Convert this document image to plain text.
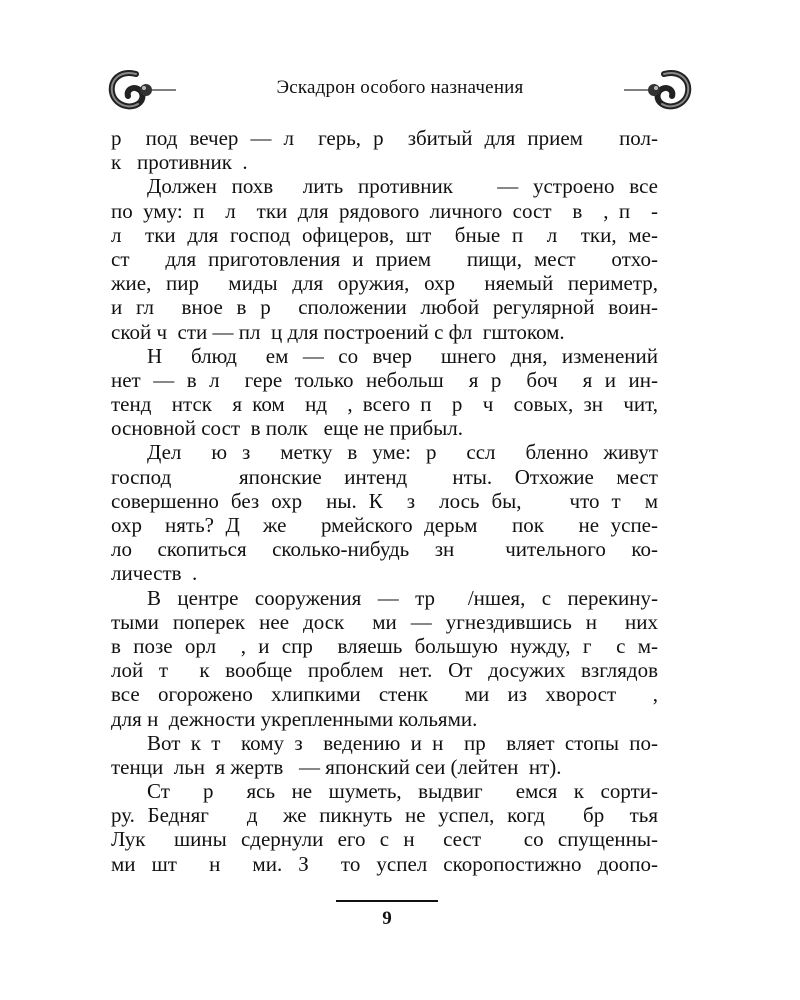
Эскадрон особого назначения
р  под вечер — л  герь, р  збитый для прием   пол-
к   противник  .
Должен похв  лить противник   — устроено все
по уму: п  л  тки для рядового личного сост  в  , п  -
л  тки для господ офицеров, шт  бные п  л  тки, ме-
ст   для приготовления и прием   пищи, мест   отхо-
жие, пир  миды для оружия, охр  няемый периметр,
и гл  вное в р  сположении любой регулярной воин-
ской ч  сти — пл  ц для построений с фл  гштоком.
Н  блюд  ем — со вчер  шнего дня, изменений
нет — в л  гере только небольш  я р  боч  я и ин-
тенд  нтск  я ком  нд  , всего п  р  ч  совых, зн  чит,
основной сост  в полк   еще не прибыл.
Дел  ю з  метку в уме: р  ссл  бленно живут
господ   японские интенд  нты. Отхожие мест
совершенно без охр  ны. К  з  лось бы,    что т  м
охр  нять? Д  же   рмейского дерьм   пок   не успе-
ло скопиться сколько-нибудь зн  чительного ко-
личеств  .
В центре сооружения — тр  /ншея, с перекину-
тыми поперек нее доск  ми — угнездившись н  них
в позе орл  , и спр  вляешь большую нужду, г  с м-
лой т  к вообще проблем нет. От досужих взглядов
все огорожено хлипкими стенк  ми из хворост  ,
для н  дежности укрепленными кольями.
Вот к т  кому з  ведению и н  пр  вляет стопы по-
тенци  льн  я жертв   — японский сеи (лейтен  нт).
Ст  р  ясь не шуметь, выдвиг  емся к сорти-
ру. Бедняг   д  же пикнуть не успел, когд   бр  тья
Лук  шины сдернули его с н  сест   со спущенны-
ми шт  н  ми. З  то успел скоропостижно доопо-
9
